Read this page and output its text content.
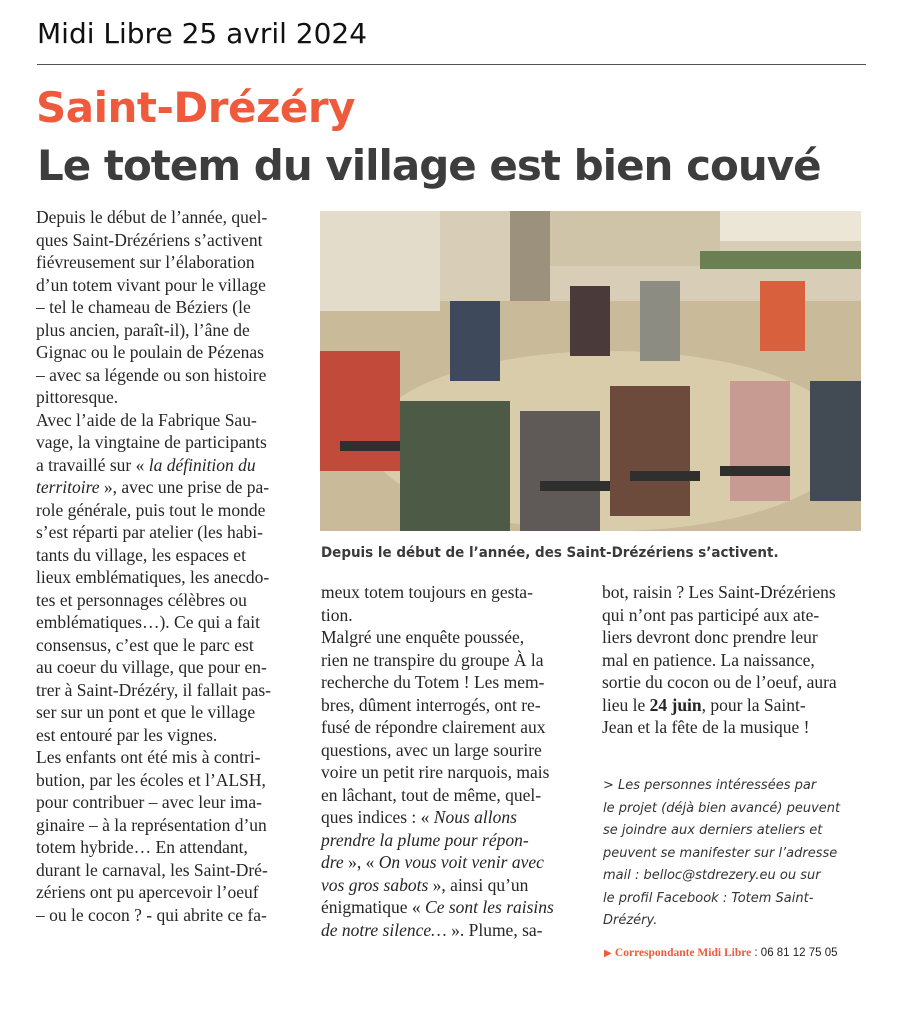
Midi Libre 25 avril 2024
Saint-Drézéry
Le totem du village est bien couvé
Depuis le début de l’année, quel-
ques Saint-Drézériens s’activent
fiévreusement sur l’élaboration
d’un totem vivant pour le village
– tel le chameau de Béziers (le
plus ancien, paraît-il), l’âne de
Gignac ou le poulain de Pézenas
– avec sa légende ou son histoire
pittoresque.
Avec l’aide de la Fabrique Sau-
vage, la vingtaine de participants
a travaillé sur « la définition du
territoire », avec une prise de pa-
role générale, puis tout le monde
s’est réparti par atelier (les habi-
tants du village, les espaces et
lieux emblématiques, les anecdo-
tes et personnages célèbres ou
emblématiques…). Ce qui a fait
consensus, c’est que le parc est
au coeur du village, que pour en-
trer à Saint-Drézéry, il fallait pas-
ser sur un pont et que le village
est entouré par les vignes.
Les enfants ont été mis à contri-
bution, par les écoles et l’ALSH,
pour contribuer – avec leur ima-
ginaire – à la représentation d’un
totem hybride… En attendant,
durant le carnaval, les Saint-Dré-
zériens ont pu apercevoir l’oeuf
– ou le cocon ? - qui abrite ce fa-
Depuis le début de l’année, des Saint-Drézériens s’activent.
meux totem toujours en gesta-
tion.
Malgré une enquête poussée,
rien ne transpire du groupe À la
recherche du Totem ! Les mem-
bres, dûment interrogés, ont re-
fusé de répondre clairement aux
questions, avec un large sourire
voire un petit rire narquois, mais
en lâchant, tout de même, quel-
ques indices : « Nous allons
prendre la plume pour répon-
dre », « On vous voit venir avec
vos gros sabots », ainsi qu’un
énigmatique « Ce sont les raisins
de notre silence… ». Plume, sa-
bot, raisin ? Les Saint-Drézériens
qui n’ont pas participé aux ate-
liers devront donc prendre leur
mal en patience. La naissance,
sortie du cocon ou de l’oeuf, aura
lieu le 24 juin, pour la Saint-
Jean et la fête de la musique !
> Les personnes intéressées par
le projet (déjà bien avancé) peuvent
se joindre aux derniers ateliers et
peuvent se manifester sur l’adresse
mail : belloc@stdrezery.eu ou sur
le profil Facebook : Totem Saint-
Drézéry.
▶ Correspondante Midi Libre : 06 81 12 75 05
